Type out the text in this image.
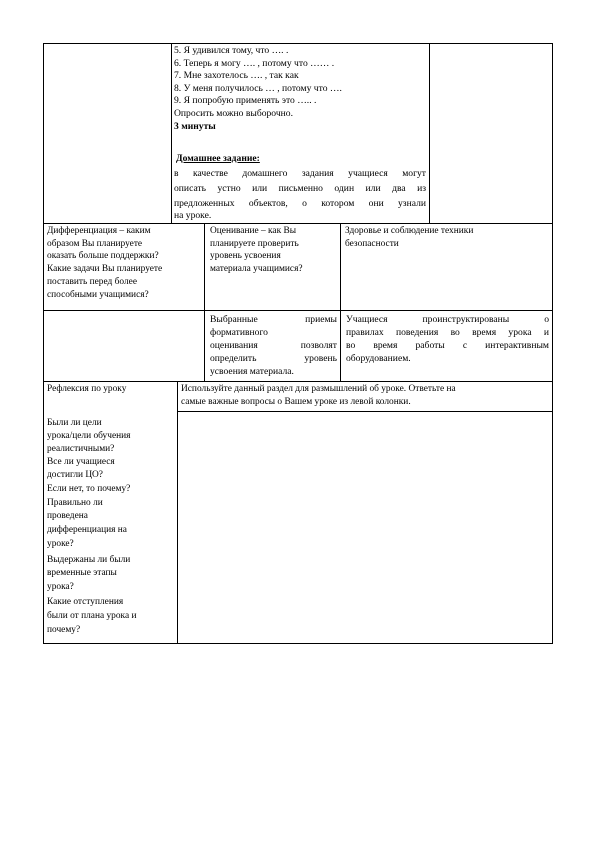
5. Я удивился тому, что …. .
6. Теперь я могу …. , потому что …… .
7. Мне захотелось …. , так как
8. У меня получилось … , потому что ….
9. Я попробую применять это ….. .
Опросить можно выборочно.
3 минуты
Домашнее задание:
в качестве домашнего задания учащиеся могут
описать устно или письменно один или два из
предложенных объектов, о котором они узнали
на уроке.
Дифференциация – каким
образом Вы планируете
оказать больше поддержки?
Какие задачи Вы планируете
поставить перед более
способными учащимися?
Оценивание – как Вы
планируете проверить
уровень усвоения
материала учащимися?
Здоровье и соблюдение техники
безопасности
Выбранные приемы
формативного
оценивания позволят
определить уровень
усвоения материала.
Учащиеся проинструктированы о
правилах поведения во время урока и
во время работы с интерактивным
оборудованием.
Рефлексия по уроку
Были ли цели
урока/цели обучения
реалистичными?
Все ли учащиеся
достигли ЦО?
Если нет, то почему?
Правильно ли
проведена
дифференциация на
уроке?
Выдержаны ли были
временные этапы
урока?
Какие отступления
были от плана урока и
почему?
Используйте данный раздел для размышлений об уроке. Ответьте на
самые важные вопросы о Вашем уроке из левой колонки.
